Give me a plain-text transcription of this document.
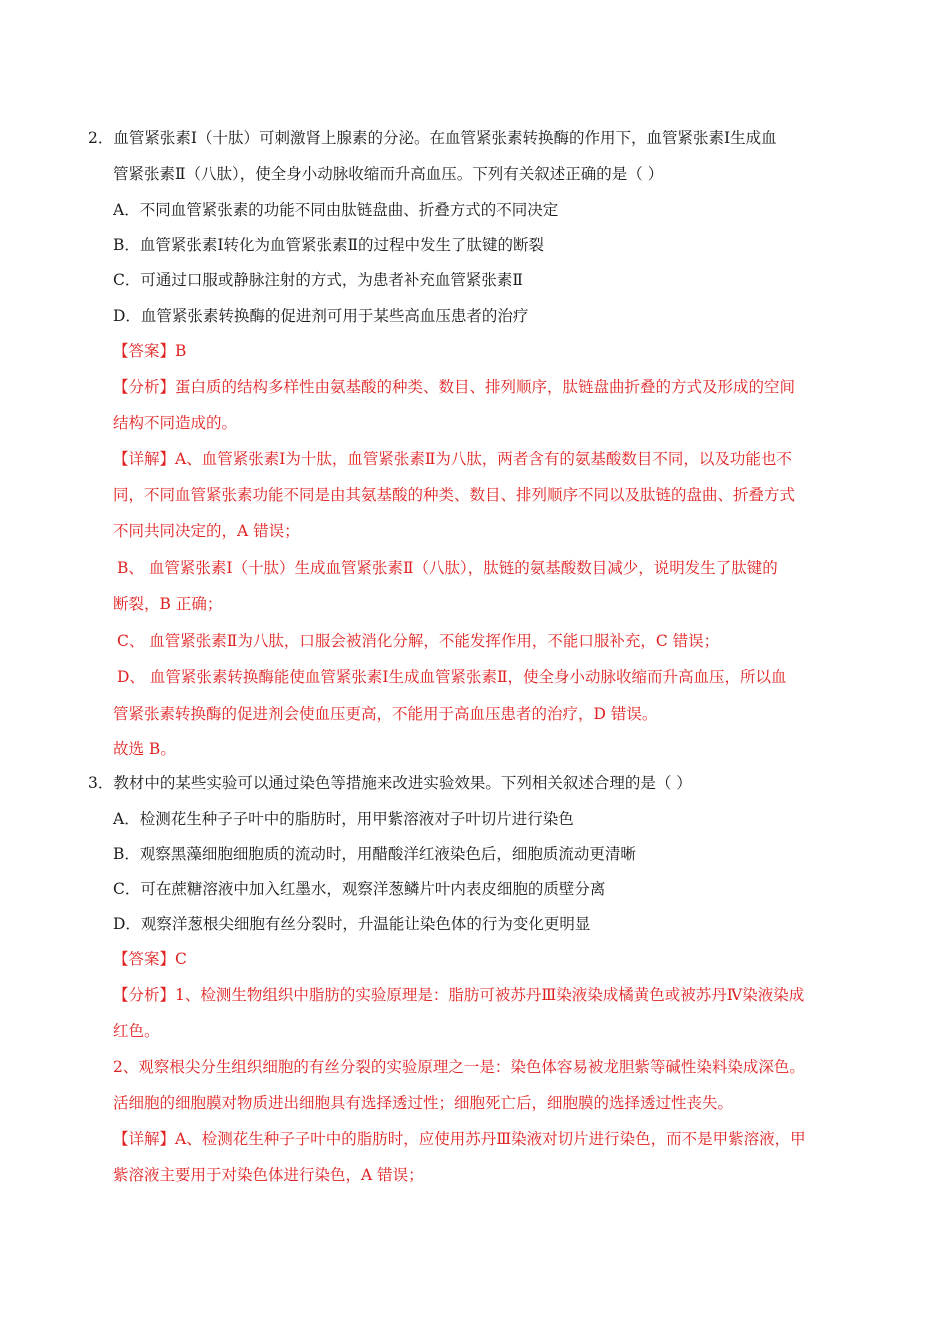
2．血管紧张素Ⅰ（十肽）可刺激肾上腺素的分泌。在血管紧张素转换酶的作用下，血管紧张素Ⅰ生成血
管紧张素Ⅱ（八肽），使全身小动脉收缩而升高血压。下列有关叙述正确的是（ ）
A．不同血管紧张素的功能不同由肽链盘曲、折叠方式的不同决定
B．血管紧张素Ⅰ转化为血管紧张素Ⅱ的过程中发生了肽键的断裂
C．可通过口服或静脉注射的方式，为患者补充血管紧张素Ⅱ
D．血管紧张素转换酶的促进剂可用于某些高血压患者的治疗
【答案】B
【分析】蛋白质的结构多样性由氨基酸的种类、数目、排列顺序，肽链盘曲折叠的方式及形成的空间
结构不同造成的。
【详解】A、血管紧张素Ⅰ为十肽，血管紧张素Ⅱ为八肽，两者含有的氨基酸数目不同，以及功能也不
同，不同血管紧张素功能不同是由其氨基酸的种类、数目、排列顺序不同以及肽链的盘曲、折叠方式
不同共同决定的，A 错误；
B、 血管紧张素Ⅰ（十肽）生成血管紧张素Ⅱ（八肽），肽链的氨基酸数目减少，说明发生了肽键的
断裂，B 正确；
C、 血管紧张素Ⅱ为八肽，口服会被消化分解，不能发挥作用，不能口服补充，C 错误；
D、 血管紧张素转换酶能使血管紧张素Ⅰ生成血管紧张素Ⅱ，使全身小动脉收缩而升高血压，所以血
管紧张素转换酶的促进剂会使血压更高，不能用于高血压患者的治疗，D 错误。
故选 B。
3．教材中的某些实验可以通过染色等措施来改进实验效果。下列相关叙述合理的是（ ）
A．检测花生种子子叶中的脂肪时，用甲紫溶液对子叶切片进行染色
B．观察黑藻细胞细胞质的流动时，用醋酸洋红液染色后，细胞质流动更清晰
C．可在蔗糖溶液中加入红墨水，观察洋葱鳞片叶内表皮细胞的质壁分离
D．观察洋葱根尖细胞有丝分裂时，升温能让染色体的行为变化更明显
【答案】C
【分析】1、检测生物组织中脂肪的实验原理是：脂肪可被苏丹Ⅲ染液染成橘黄色或被苏丹Ⅳ染液染成
红色。
2、观察根尖分生组织细胞的有丝分裂的实验原理之一是：染色体容易被龙胆紫等碱性染料染成深色。
活细胞的细胞膜对物质进出细胞具有选择透过性；细胞死亡后，细胞膜的选择透过性丧失。
【详解】A、检测花生种子子叶中的脂肪时，应使用苏丹Ⅲ染液对切片进行染色，而不是甲紫溶液，甲
紫溶液主要用于对染色体进行染色，A 错误；
